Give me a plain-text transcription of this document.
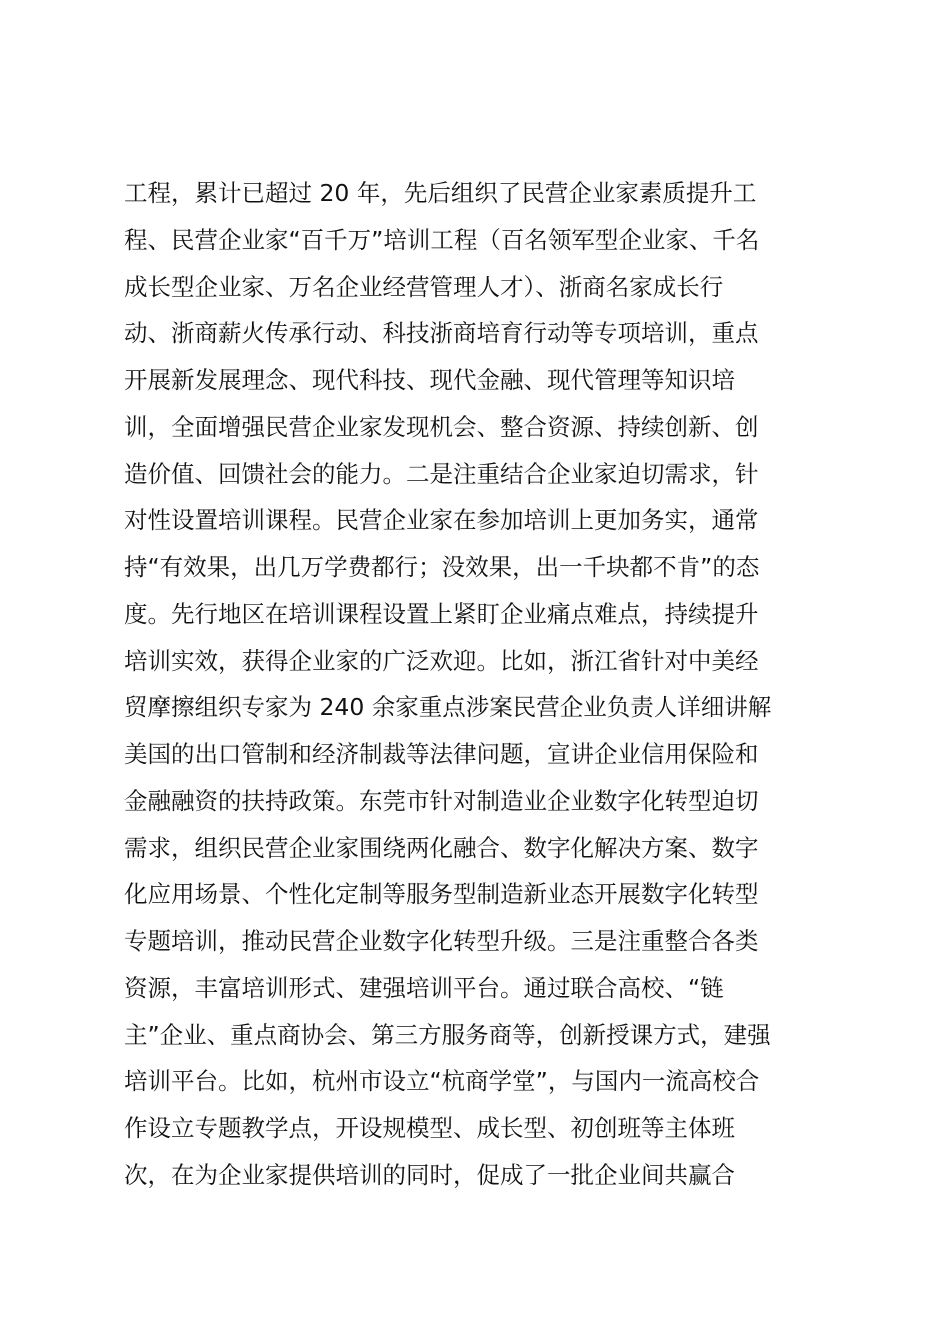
工程，累计已超过 20 年，先后组织了民营企业家素质提升工
程、民营企业家“百千万”培训工程（百名领军型企业家、千名
成长型企业家、万名企业经营管理人才）、浙商名家成长行
动、浙商薪火传承行动、科技浙商培育行动等专项培训，重点
开展新发展理念、现代科技、现代金融、现代管理等知识培
训，全面增强民营企业家发现机会、整合资源、持续创新、创
造价值、回馈社会的能力。二是注重结合企业家迫切需求，针
对性设置培训课程。民营企业家在参加培训上更加务实，通常
持“有效果，出几万学费都行；没效果，出一千块都不肯”的态
度。先行地区在培训课程设置上紧盯企业痛点难点，持续提升
培训实效，获得企业家的广泛欢迎。比如，浙江省针对中美经
贸摩擦组织专家为 240 余家重点涉案民营企业负责人详细讲解
美国的出口管制和经济制裁等法律问题，宣讲企业信用保险和
金融融资的扶持政策。东莞市针对制造业企业数字化转型迫切
需求，组织民营企业家围绕两化融合、数字化解决方案、数字
化应用场景、个性化定制等服务型制造新业态开展数字化转型
专题培训，推动民营企业数字化转型升级。三是注重整合各类
资源，丰富培训形式、建强培训平台。通过联合高校、“链
主”企业、重点商协会、第三方服务商等，创新授课方式，建强
培训平台。比如，杭州市设立“杭商学堂”，与国内一流高校合
作设立专题教学点，开设规模型、成长型、初创班等主体班
次，在为企业家提供培训的同时，促成了一批企业间共赢合
